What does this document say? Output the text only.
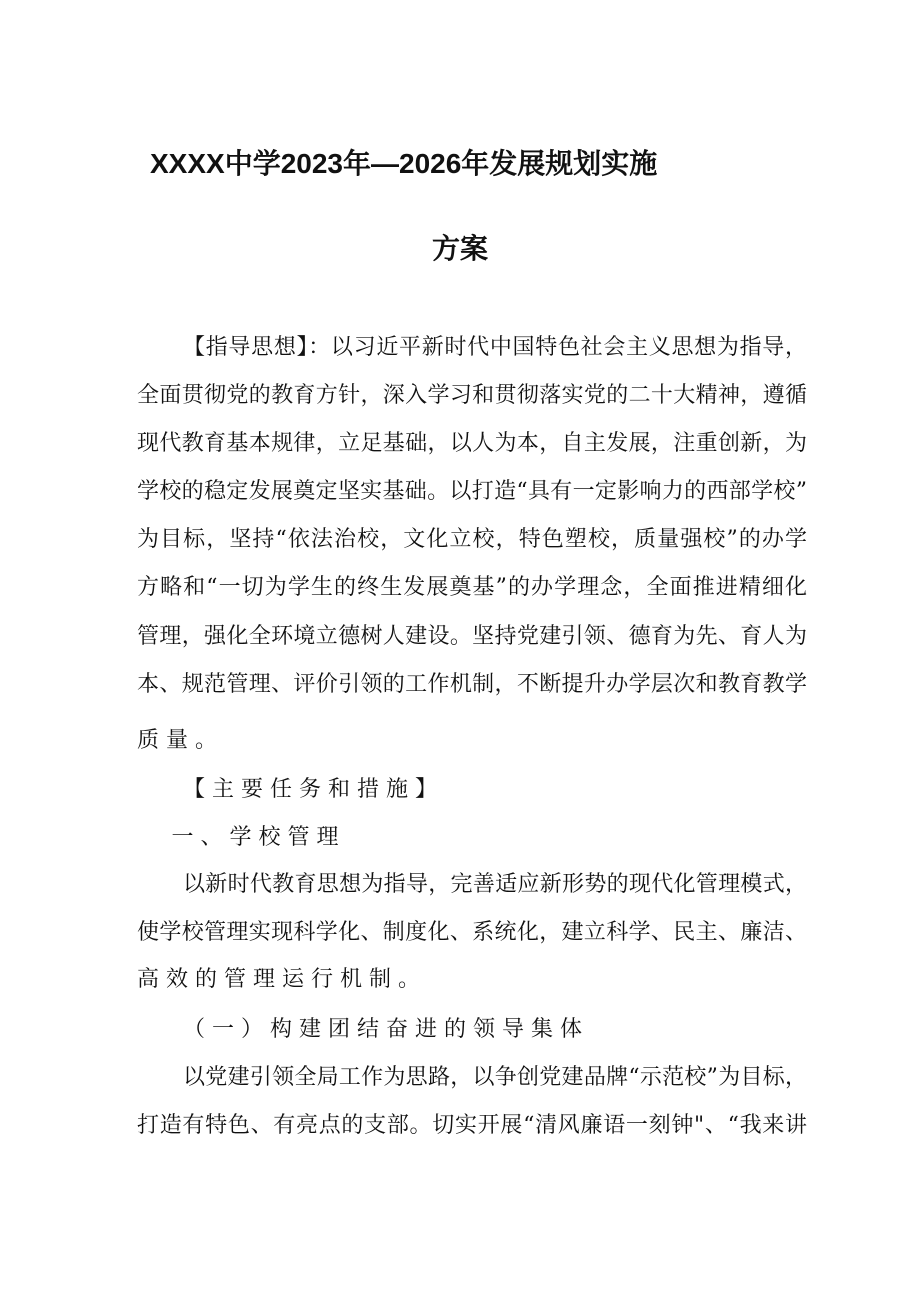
XXXX中学2023年—2026年发展规划实施
方案
【指导思想】：以习近平新时代中国特色社会主义思想为指导，
全面贯彻党的教育方针，深入学习和贯彻落实党的二十大精神，遵循
现代教育基本规律，立足基础，以人为本，自主发展，注重创新，为
学校的稳定发展奠定坚实基础。以打造“具有一定影响力的西部学校”
为目标，坚持“依法治校，文化立校，特色塑校，质量强校”的办学
方略和“一切为学生的终生发展奠基”的办学理念，全面推进精细化
管理，强化全环境立德树人建设。坚持党建引领、德育为先、育人为
本、规范管理、评价引领的工作机制，不断提升办学层次和教育教学
质量。
【主要任务和措施】
一、学校管理
以新时代教育思想为指导，完善适应新形势的现代化管理模式，
使学校管理实现科学化、制度化、系统化，建立科学、民主、廉洁、
高效的管理运行机制。
（一）构建团结奋进的领导集体
以党建引领全局工作为思路，以争创党建品牌“示范校”为目标，
打造有特色、有亮点的支部。切实开展“清风廉语一刻钟"、“我来讲
